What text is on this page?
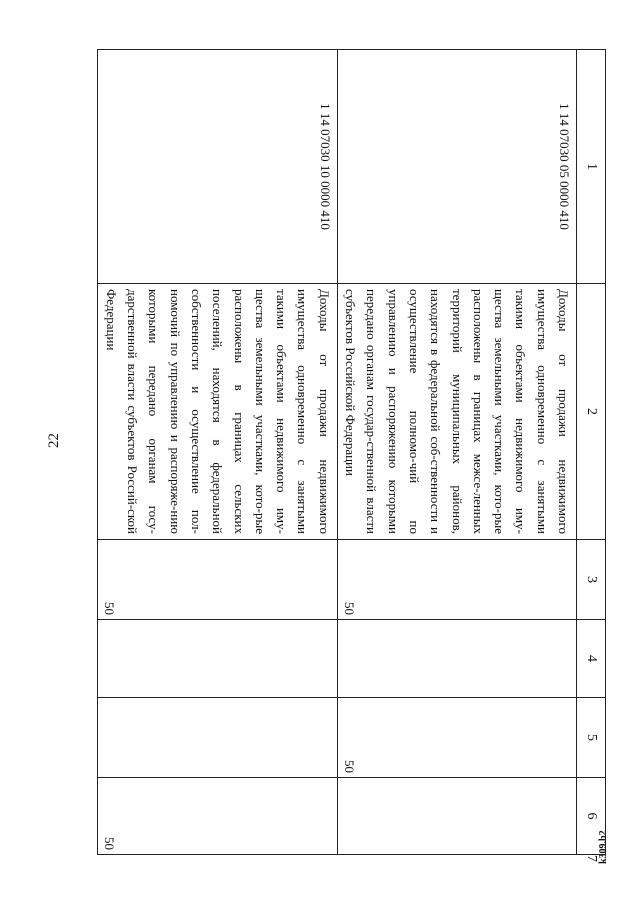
22
k309.b2
1	2	3	4	5	6	7
1 14 07030 05 0000 410	Доходы от продажи недвижимого имущества одновременно с занятыми такими объектами недвижимого иму-щества земельными участками, кото-рые расположены в границах межсе-ленных территорий муниципальных районов, находятся в федеральной соб-ственности и осуществление полномо-чий по управлению и распоряжению которыми передано органам государ-ственной власти субъектов Российской Федерации	50		50		
1 14 07030 10 0000 410	Доходы от продажи недвижимого имущества одновременно с занятыми такими объектами недвижимого иму-щества земельными участками, кото-рые расположены в границах сельских поселений, находятся в федеральной собственности и осуществление пол-номочий по управлению и распоряже-нию которыми передано органам госу-дарственной власти субъектов Россий-ской Федерации	50			50	
